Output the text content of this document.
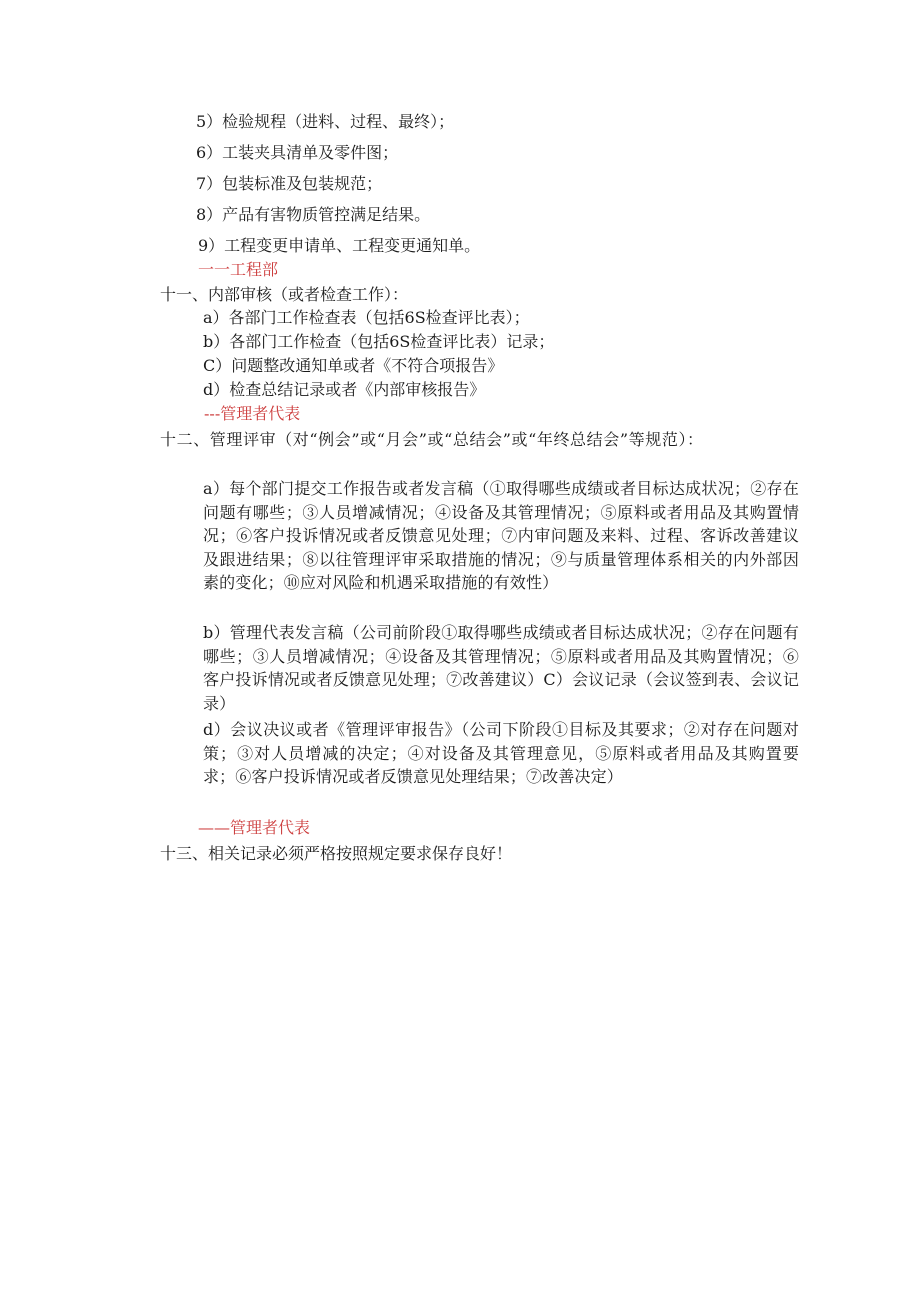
5）检验规程（进料、过程、最终）；
6）工装夹具清单及零件图；
7）包装标准及包装规范；
8）产品有害物质管控满足结果。
9）工程变更申请单、工程变更通知单。
一一工程部
十一、内部审核（或者检查工作）：
a）各部门工作检查表（包括6S检查评比表）；
b）各部门工作检查（包括6S检查评比表）记录；
C）问题整改通知单或者《不符合项报告》
d）检查总结记录或者《内部审核报告》
---管理者代表
十二、管理评审（对“例会”或“月会”或“总结会”或“年终总结会”等规范）：
a）每个部门提交工作报告或者发言稿（①取得哪些成绩或者目标达成状况；②存在问题有哪些；③人员增减情况；④设备及其管理情况；⑤原料或者用品及其购置情况；⑥客户投诉情况或者反馈意见处理；⑦内审问题及来料、过程、客诉改善建议及跟进结果；⑧以往管理评审采取措施的情况；⑨与质量管理体系相关的内外部因素的变化；⑩应对风险和机遇采取措施的有效性）
b）管理代表发言稿（公司前阶段①取得哪些成绩或者目标达成状况；②存在问题有哪些；③人员增减情况；④设备及其管理情况；⑤原料或者用品及其购置情况；⑥客户投诉情况或者反馈意见处理；⑦改善建议）C）会议记录（会议签到表、会议记录）
d）会议决议或者《管理评审报告》（公司下阶段①目标及其要求；②对存在问题对策；③对人员增减的决定；④对设备及其管理意见，⑤原料或者用品及其购置要求；⑥客户投诉情况或者反馈意见处理结果；⑦改善决定）
——管理者代表
十三、相关记录必须严格按照规定要求保存良好！
